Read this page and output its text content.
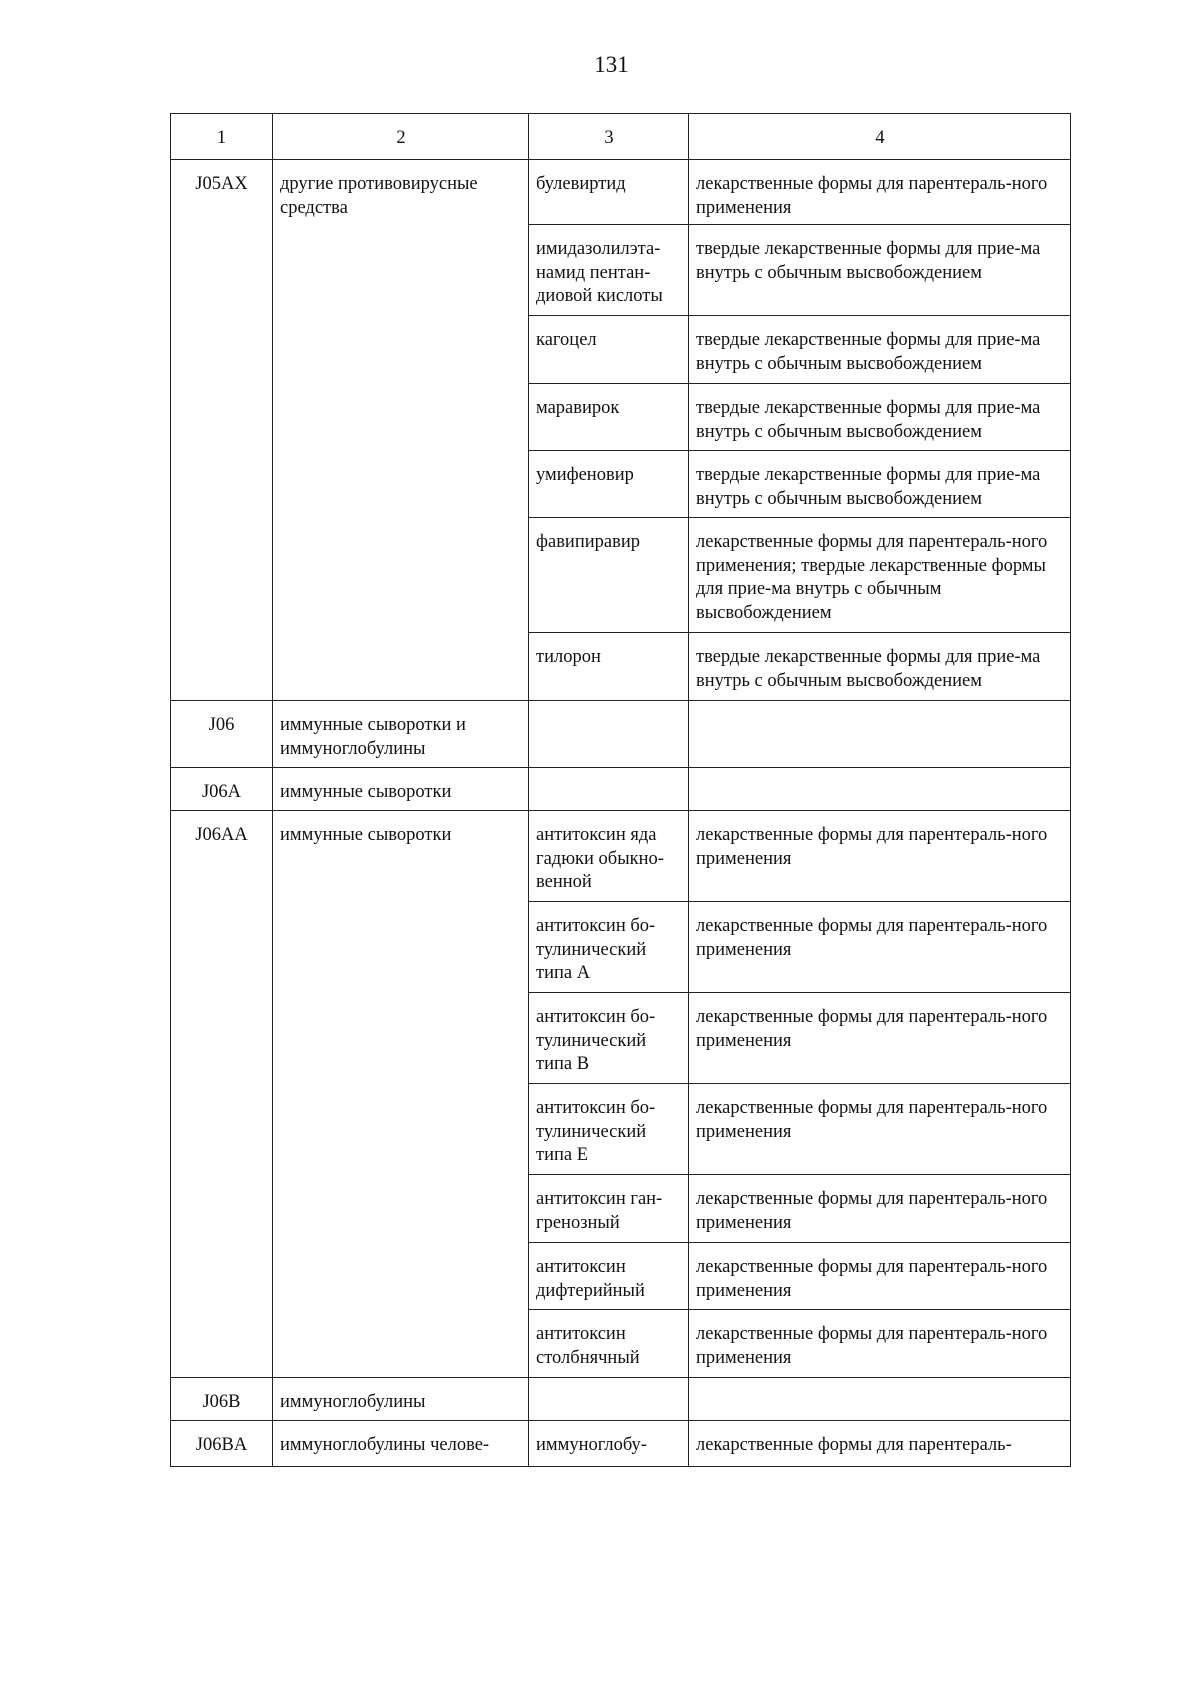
131
1	2	3	4
J05AX	другие противовирусные средства	булевиртид	лекарственные формы для парентераль-ного применения
		имидазолилэта-намид пентан-диовой кислоты	твердые лекарственные формы для прие-ма внутрь с обычным высвобождением
		кагоцел	твердые лекарственные формы для прие-ма внутрь с обычным высвобождением
		маравирок	твердые лекарственные формы для прие-ма внутрь с обычным высвобождением
		умифеновир	твердые лекарственные формы для прие-ма внутрь с обычным высвобождением
		фавипиравир	лекарственные формы для парентераль-ного применения; твердые лекарственные формы для прие-ма внутрь с обычным высвобождением
		тилорон	твердые лекарственные формы для прие-ма внутрь с обычным высвобождением
J06	иммунные сыворотки и иммуноглобулины		
J06A	иммунные сыворотки		
J06AA	иммунные сыворотки	антитоксин яда гадюки обыкно-венной	лекарственные формы для парентераль-ного применения
		антитоксин бо-тулинический типа А	лекарственные формы для парентераль-ного применения
		антитоксин бо-тулинический типа В	лекарственные формы для парентераль-ного применения
		антитоксин бо-тулинический типа Е	лекарственные формы для парентераль-ного применения
		антитоксин ган-гренозный	лекарственные формы для парентераль-ного применения
		антитоксин дифтерийный	лекарственные формы для парентераль-ного применения
		антитоксин столбнячный	лекарственные формы для парентераль-ного применения
J06B	иммуноглобулины		
J06BA	иммуноглобулины челове-	иммуноглобу-	лекарственные формы для парентераль-
